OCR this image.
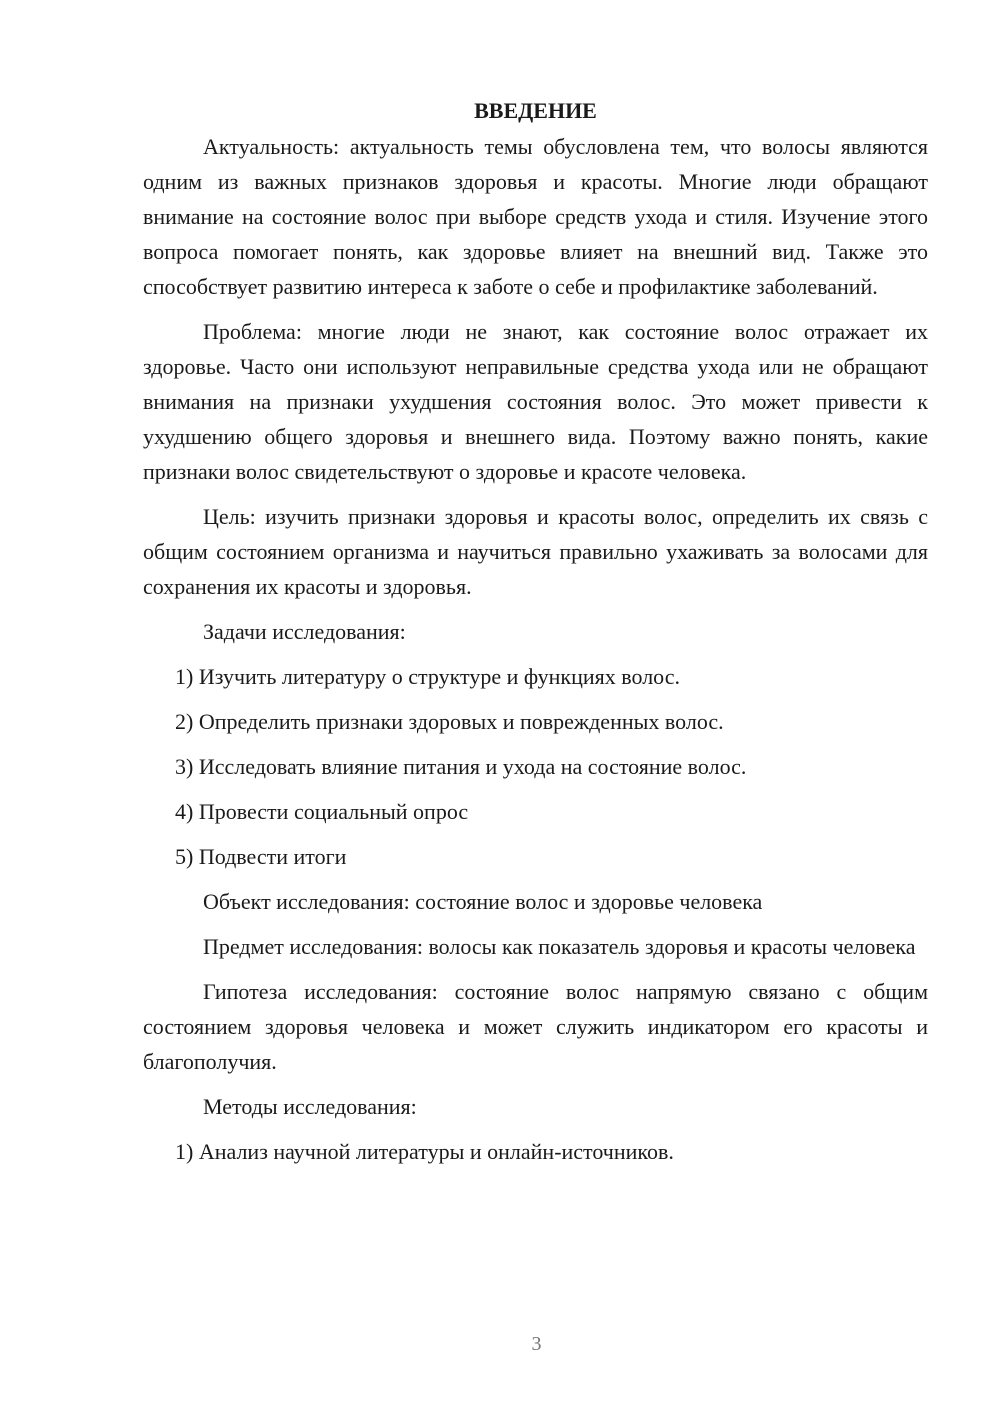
ВВЕДЕНИЕ

Актуальность: актуальность темы обусловлена тем, что волосы являются одним из важных признаков здоровья и красоты. Многие люди обращают внимание на состояние волос при выборе средств ухода и стиля. Изучение этого вопроса помогает понять, как здоровье влияет на внешний вид. Также это способствует развитию интереса к заботе о себе и профилактике заболеваний.

Проблема: многие люди не знают, как состояние волос отражает их здоровье. Часто они используют неправильные средства ухода или не обращают внимания на признаки ухудшения состояния волос. Это может привести к ухудшению общего здоровья и внешнего вида. Поэтому важно понять, какие признаки волос свидетельствуют о здоровье и красоте человека.

Цель: изучить признаки здоровья и красоты волос, определить их связь с общим состоянием организма и научиться правильно ухаживать за волосами для сохранения их красоты и здоровья.

Задачи исследования:

1) Изучить литературу о структуре и функциях волос.
2) Определить признаки здоровых и поврежденных волос.
3) Исследовать влияние питания и ухода на состояние волос.
4) Провести социальный опрос
5) Подвести итоги

Объект исследования: состояние волос и здоровье человека

Предмет исследования: волосы как показатель здоровья и красоты человека

Гипотеза исследования: состояние волос напрямую связано с общим состоянием здоровья человека и может служить индикатором его красоты и благополучия.

Методы исследования:

1) Анализ научной литературы и онлайн-источников.
3
